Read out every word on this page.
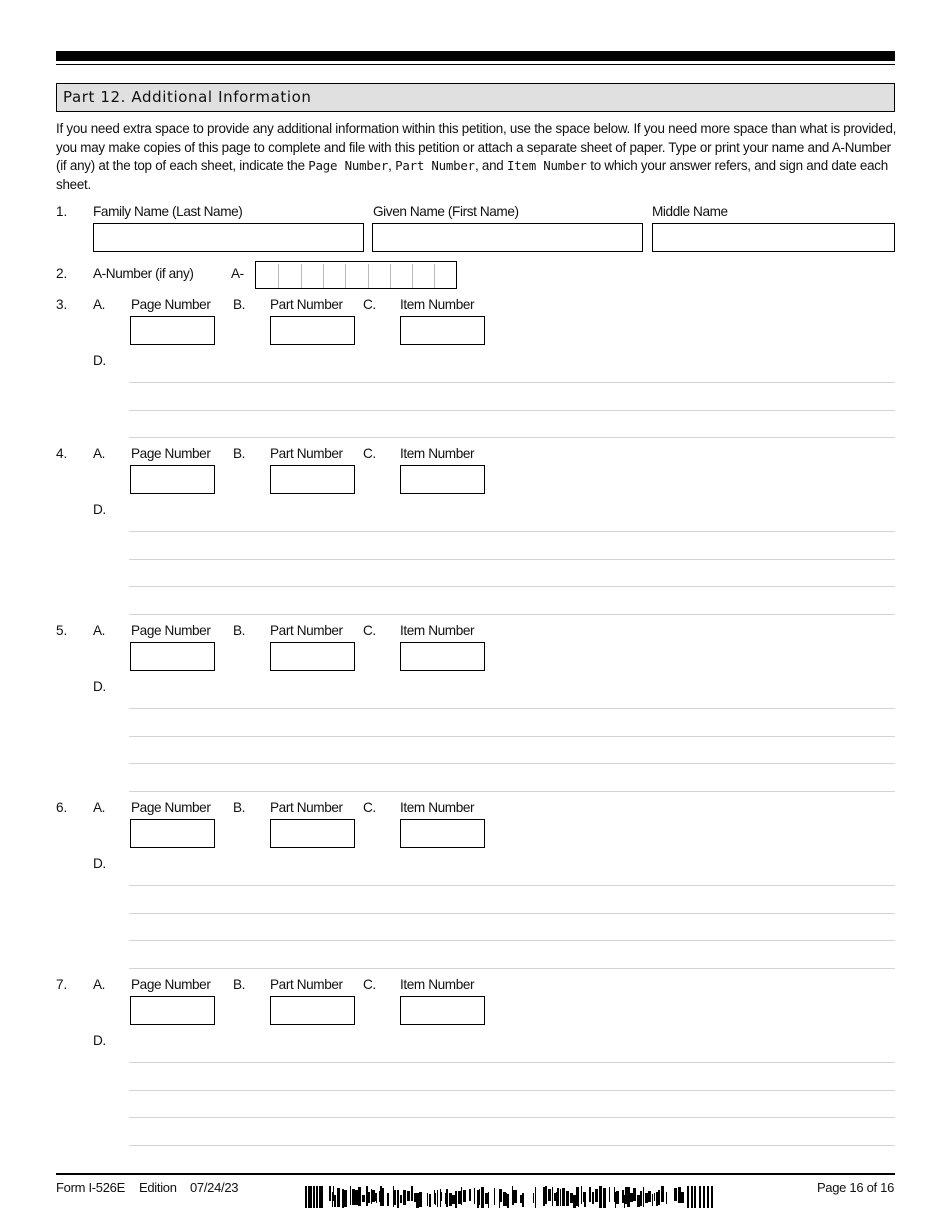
Part 12. Additional Information
If you need extra space to provide any additional information within this petition, use the space below. If you need more space than what is provided, you may make copies of this page to complete and file with this petition or attach a separate sheet of paper. Type or print your name and A-Number (if any) at the top of each sheet, indicate the Page Number, Part Number, and Item Number to which your answer refers, and sign and date each sheet.
1. Family Name (Last Name)	Given Name (First Name)	Middle Name
2. A-Number (if any)	A-
3. A. Page Number B. Part Number C. Item Number
D.
4. A. Page Number B. Part Number C. Item Number
D.
5. A. Page Number B. Part Number C. Item Number
D.
6. A. Page Number B. Part Number C. Item Number
D.
7. A. Page Number B. Part Number C. Item Number
D.
Form I-526E Edition 07/24/23	Page 16 of 16
